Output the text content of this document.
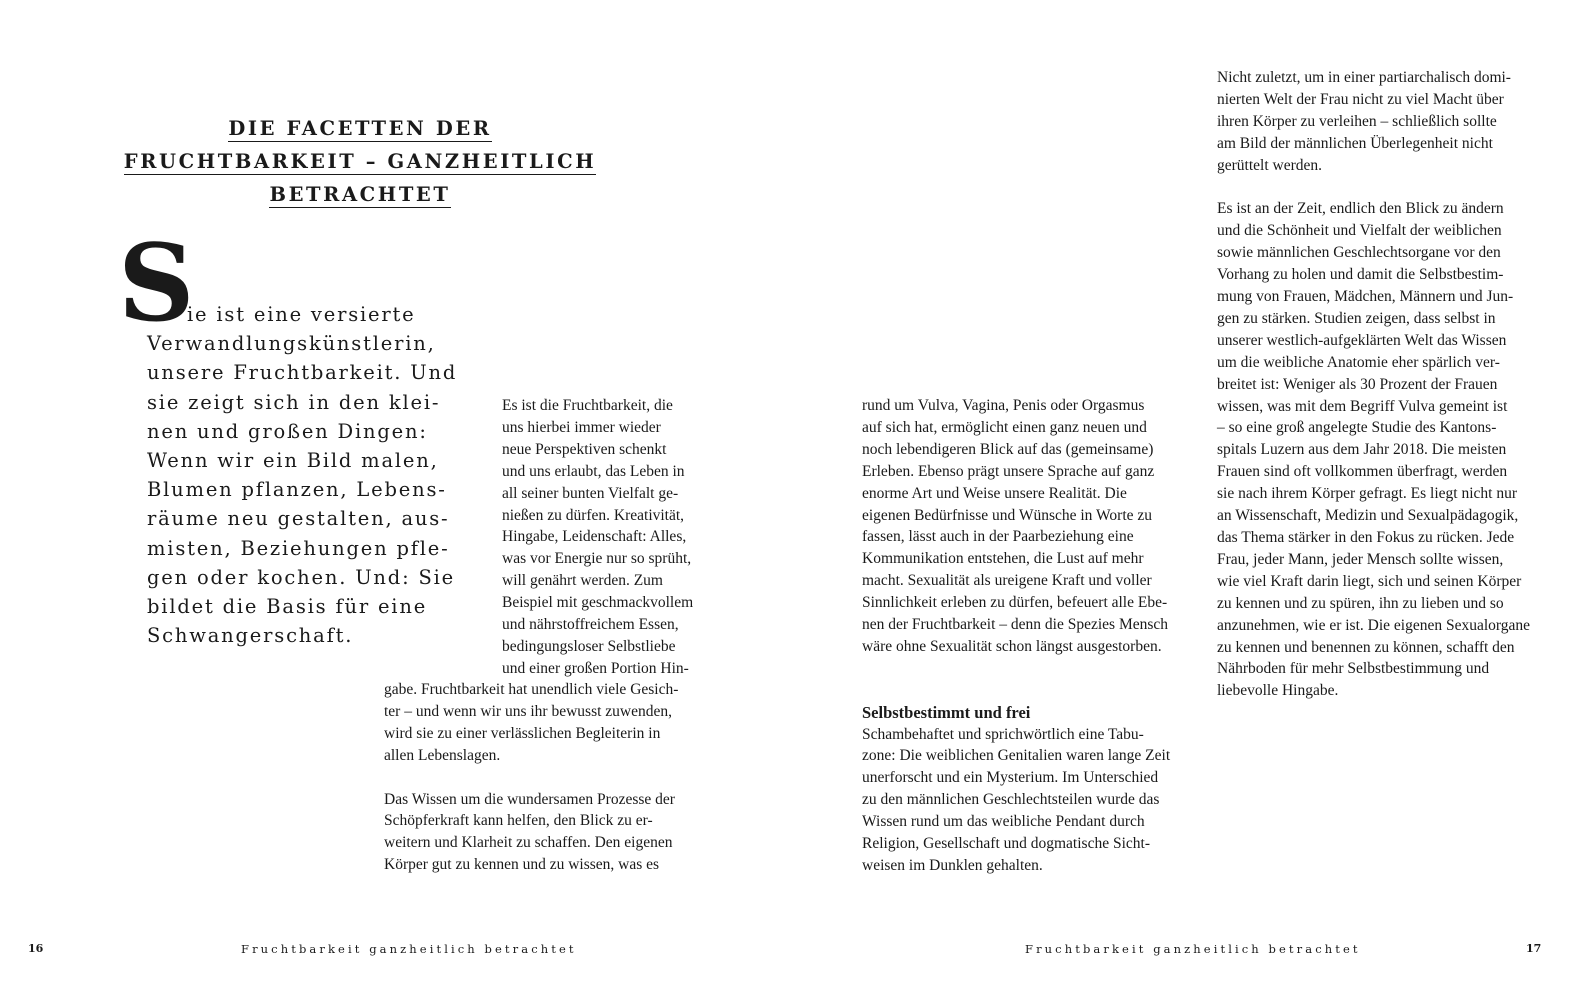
DIE FACETTEN DER
FRUCHTBARKEIT – GANZHEITLICH
BETRACHTET
S
ie ist eine versierte
Verwandlungskünstlerin,
unsere Fruchtbarkeit. Und
sie zeigt sich in den klei-
nen und großen Dingen:
Wenn wir ein Bild malen,
Blumen pflanzen, Lebens-
räume neu gestalten, aus-
misten, Beziehungen pfle-
gen oder kochen. Und: Sie
bildet die Basis für eine
Schwangerschaft.
Es ist die Fruchtbarkeit, die
uns hierbei immer wieder
neue Perspektiven schenkt
und uns erlaubt, das Leben in
all seiner bunten Vielfalt ge-
nießen zu dürfen. Kreativität,
Hingabe, Leidenschaft: Alles,
was vor Energie nur so sprüht,
will genährt werden. Zum
Beispiel mit geschmackvollem
und nährstoffreichem Essen,
bedingungsloser Selbstliebe
und einer großen Portion Hin-
gabe. Fruchtbarkeit hat unendlich viele Gesich-
ter – und wenn wir uns ihr bewusst zuwenden,
wird sie zu einer verlässlichen Begleiterin in
allen Lebenslagen.
Das Wissen um die wundersamen Prozesse der
Schöpferkraft kann helfen, den Blick zu er-
weitern und Klarheit zu schaffen. Den eigenen
Körper gut zu kennen und zu wissen, was es
rund um Vulva, Vagina, Penis oder Orgasmus
auf sich hat, ermöglicht einen ganz neuen und
noch lebendigeren Blick auf das (gemeinsame)
Erleben. Ebenso prägt unsere Sprache auf ganz
enorme Art und Weise unsere Realität. Die
eigenen Bedürfnisse und Wünsche in Worte zu
fassen, lässt auch in der Paarbeziehung eine
Kommunikation entstehen, die Lust auf mehr
macht. Sexualität als ureigene Kraft und voller
Sinnlichkeit erleben zu dürfen, befeuert alle Ebe-
nen der Fruchtbarkeit – denn die Spezies Mensch
wäre ohne Sexualität schon längst ausgestorben.
Selbstbestimmt und frei
Schambehaftet und sprichwörtlich eine Tabu-
zone: Die weiblichen Genitalien waren lange Zeit
unerforscht und ein Mysterium. Im Unterschied
zu den männlichen Geschlechtsteilen wurde das
Wissen rund um das weibliche Pendant durch
Religion, Gesellschaft und dogmatische Sicht-
weisen im Dunklen gehalten.
Nicht zuletzt, um in einer partiarchalisch domi-
nierten Welt der Frau nicht zu viel Macht über
ihren Körper zu verleihen – schließlich sollte
am Bild der männlichen Überlegenheit nicht
gerüttelt werden.
Es ist an der Zeit, endlich den Blick zu ändern
und die Schönheit und Vielfalt der weiblichen
sowie männlichen Geschlechtsorgane vor den
Vorhang zu holen und damit die Selbstbestim-
mung von Frauen, Mädchen, Männern und Jun-
gen zu stärken. Studien zeigen, dass selbst in
unserer westlich-aufgeklärten Welt das Wissen
um die weibliche Anatomie eher spärlich ver-
breitet ist: Weniger als 30 Prozent der Frauen
wissen, was mit dem Begriff Vulva gemeint ist
– so eine groß angelegte Studie des Kantons-
spitals Luzern aus dem Jahr 2018. Die meisten
Frauen sind oft vollkommen überfragt, werden
sie nach ihrem Körper gefragt. Es liegt nicht nur
an Wissenschaft, Medizin und Sexualpädagogik,
das Thema stärker in den Fokus zu rücken. Jede
Frau, jeder Mann, jeder Mensch sollte wissen,
wie viel Kraft darin liegt, sich und seinen Körper
zu kennen und zu spüren, ihn zu lieben und so
anzunehmen, wie er ist. Die eigenen Sexualorgane
zu kennen und benennen zu können, schafft den
Nährboden für mehr Selbstbestimmung und
liebevolle Hingabe.
16	Fruchtbarkeit ganzheitlich betrachtet	Fruchtbarkeit ganzheitlich betrachtet	17
